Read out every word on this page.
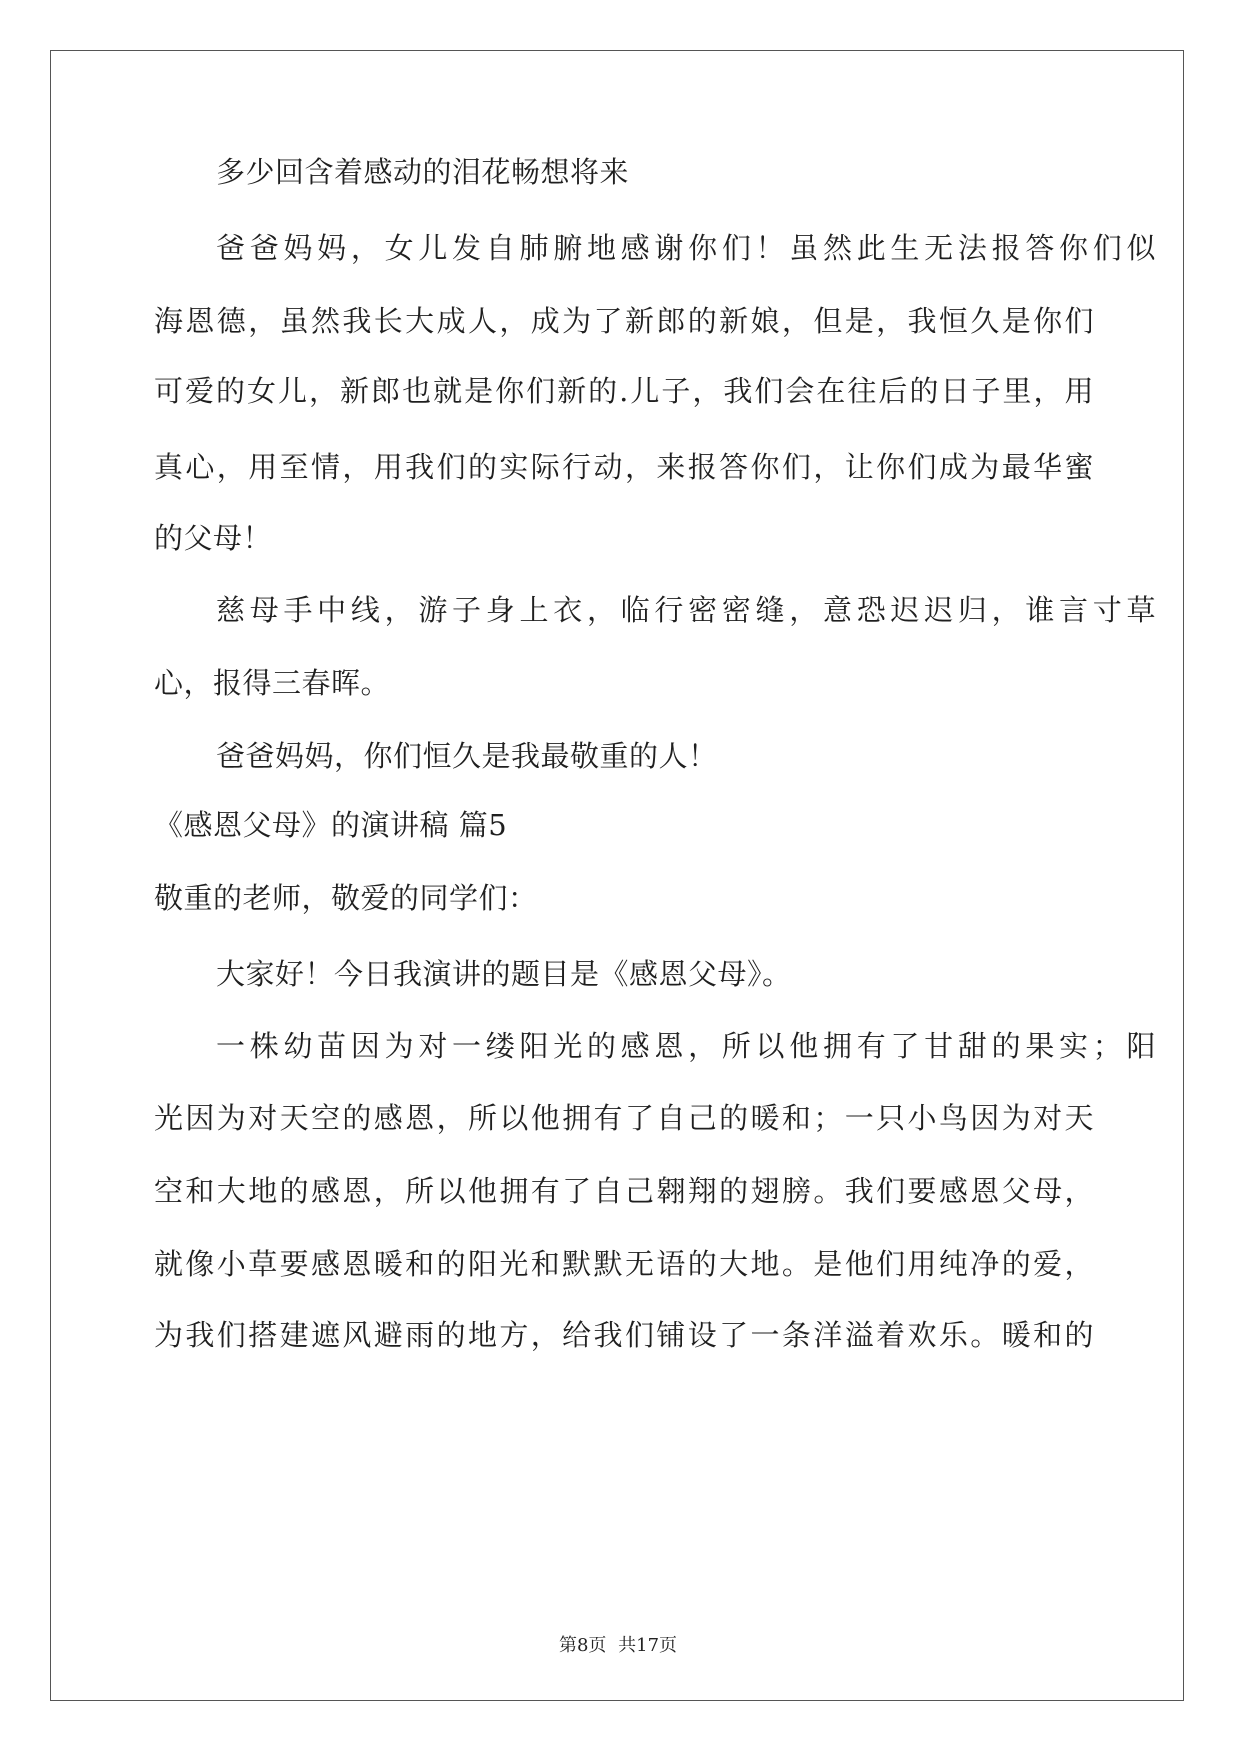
多少回含着感动的泪花畅想将来
爸爸妈妈，女儿发自肺腑地感谢你们！虽然此生无法报答你们似
海恩德，虽然我长大成人，成为了新郎的新娘，但是，我恒久是你们
可爱的女儿，新郎也就是你们新的.儿子，我们会在往后的日子里，用
真心，用至情，用我们的实际行动，来报答你们，让你们成为最华蜜
的父母！
慈母手中线，游子身上衣，临行密密缝，意恐迟迟归，谁言寸草
心，报得三春晖。
爸爸妈妈，你们恒久是我最敬重的人！
《感恩父母》的演讲稿 篇5
敬重的老师，敬爱的同学们：
大家好！今日我演讲的题目是《感恩父母》。
一株幼苗因为对一缕阳光的感恩，所以他拥有了甘甜的果实；阳
光因为对天空的感恩，所以他拥有了自己的暖和；一只小鸟因为对天
空和大地的感恩，所以他拥有了自己翱翔的翅膀。我们要感恩父母，
就像小草要感恩暖和的阳光和默默无语的大地。是他们用纯净的爱，
为我们搭建遮风避雨的地方，给我们铺设了一条洋溢着欢乐。暖和的
第8页 共17页
